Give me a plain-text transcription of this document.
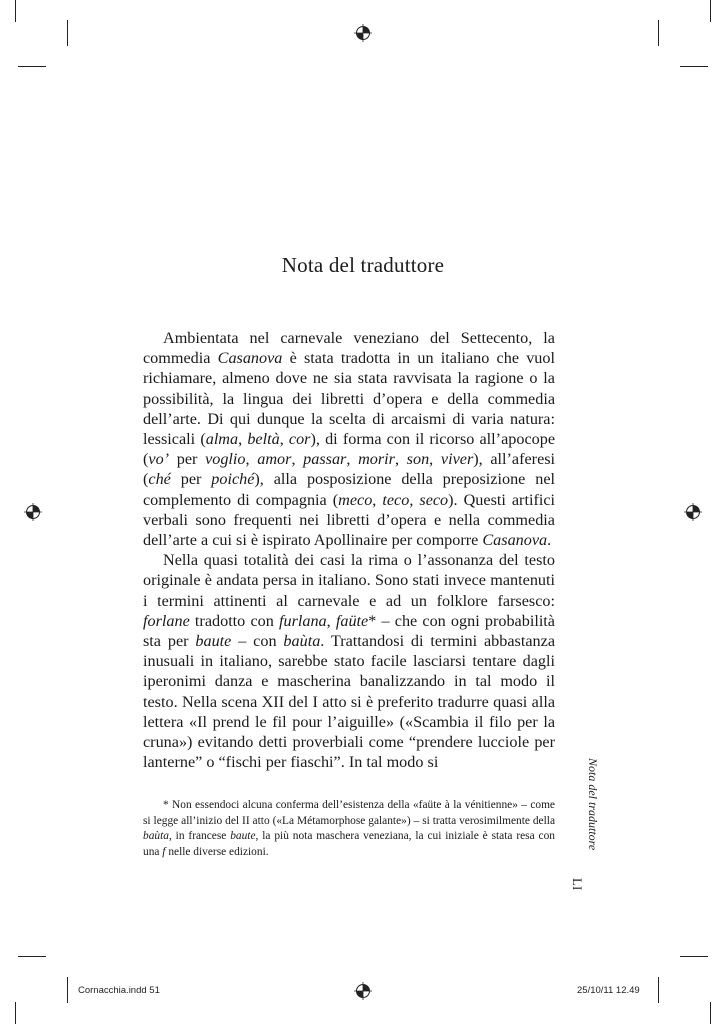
Nota del traduttore

Ambientata nel carnevale veneziano del Settecento, la commedia Casanova è stata tradotta in un italiano che vuol richiamare, almeno dove ne sia stata ravvisata la ragione o la possibilità, la lingua dei libretti d’opera e della commedia dell’arte. Di qui dunque la scelta di arcaismi di varia natura: lessicali (alma, beltà, cor), di forma con il ricorso all’apocope (vo’ per voglio, amor, passar, morir, son, viver), all’aferesi (ché per poiché), alla posposizione della preposizione nel complemento di compagnia (meco, teco, seco). Questi artifici verbali sono frequenti nei libretti d’opera e nella commedia dell’arte a cui si è ispirato Apollinaire per comporre Casanova.

Nella quasi totalità dei casi la rima o l’assonanza del testo originale è andata persa in italiano. Sono stati invece mantenuti i termini attinenti al carnevale e ad un folklore farsesco: forlane tradotto con furlana, faüte* – che con ogni probabilità sta per baute – con baùta. Trattandosi di termini abbastanza inusuali in italiano, sarebbe stato facile lasciarsi tentare dagli iperonimi danza e mascherina banalizzando in tal modo il testo. Nella scena XII del I atto si è preferito tradurre quasi alla lettera «Il prend le fil pour l’aiguille» («Scambia il filo per la cruna») evitando detti proverbiali come “prendere lucciole per lanterne” o “fischi per fiaschi”. In tal modo si

* Non essendoci alcuna conferma dell’esistenza della «faüte à la vénitienne» – come si legge all’inizio del II atto («La Métamorphose galante») – si tratta verosimilmente della baùta, in francese baute, la più nota maschera veneziana, la cui iniziale è stata resa con una f nelle diverse edizioni.

Nota del traduttore
LI
Cornacchia.indd 51	25/10/11 12.49
